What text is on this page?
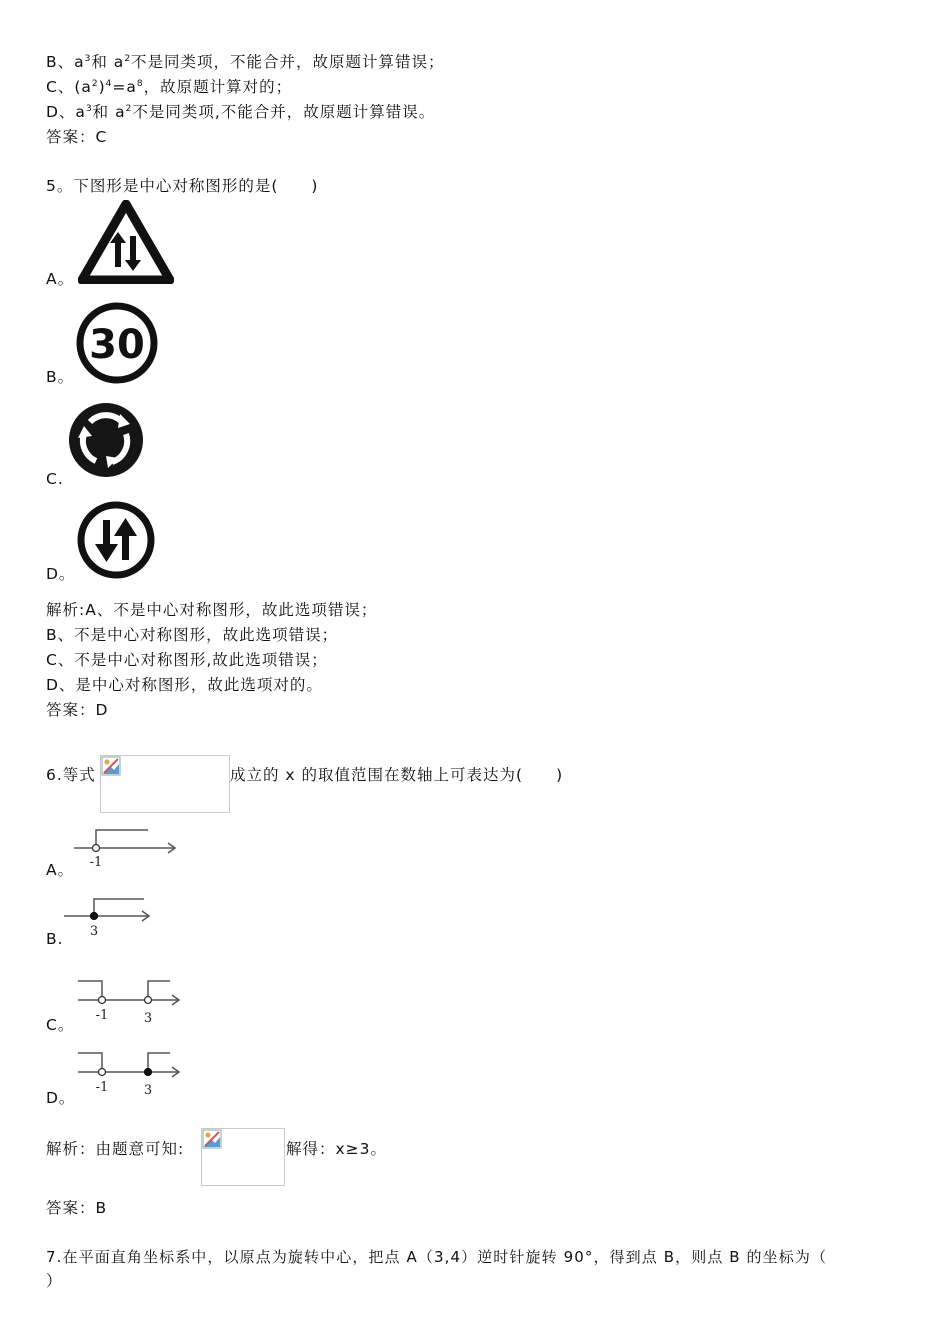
B、$a^3$和 $a^2$不是同类项，不能合并，故原题计算错误；
C、$(a^2)^4=a^8$，故原题计算对的；
D、$a^3$和 $a^2$不是同类项,不能合并，故原题计算错误。
答案：C
5。下图形是中心对称图形的是(　　)
A。
30
B。
C.
D。
解析:A、不是中心对称图形，故此选项错误；
B、不是中心对称图形，故此选项错误；
C、不是中心对称图形,故此选项错误；
D、是中心对称图形，故此选项对的。
答案：D
6.等式	成立的 x 的取值范围在数轴上可表达为(　　)
-1
A。
3
B.
-1	3
C。
-1	3
D。
解析：由题意可知:	解得：x≥3。
答案：B
7.在平面直角坐标系中，以原点为旋转中心，把点 A（3,4）逆时针旋转 90°，得到点 B，则点 B 的坐标为（
）
